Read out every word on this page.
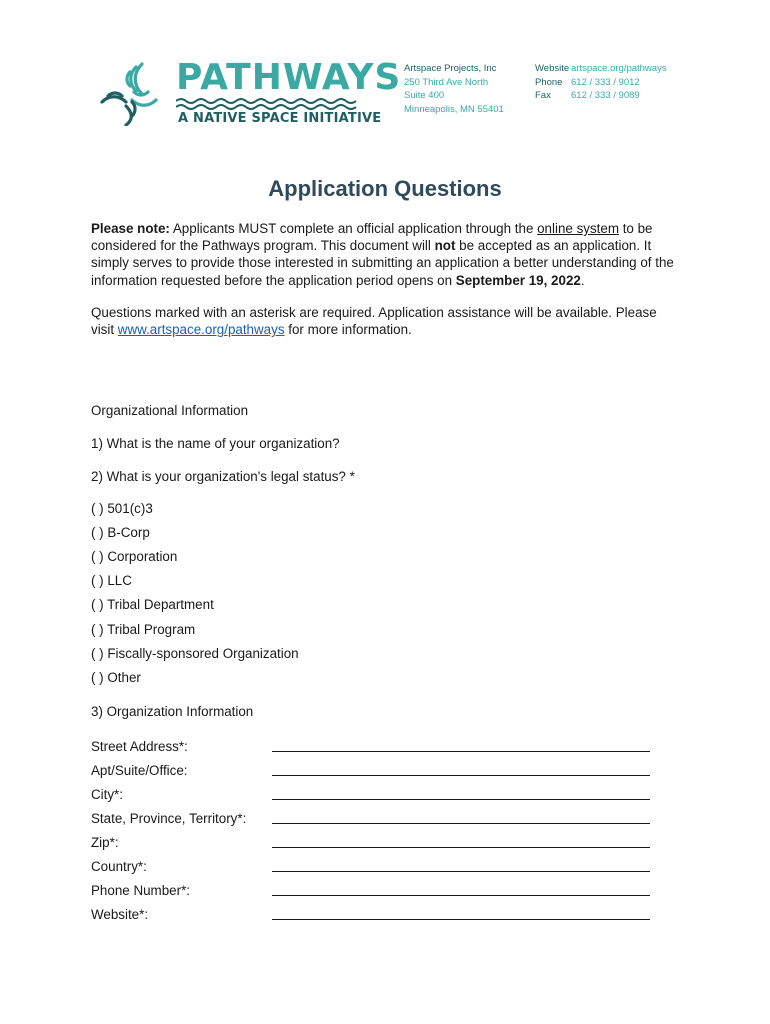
PATHWAYS
A NATIVE SPACE INITIATIVE
Artspace Projects, Inc
250 Third Ave North
Suite 400
Minneapolis, MN 55401
Website artspace.org/pathways
Phone 612 / 333 / 9012
Fax 612 / 333 / 9089
Application Questions
Please note: Applicants MUST complete an official application through the online system to be considered for the Pathways program. This document will not be accepted as an application. It simply serves to provide those interested in submitting an application a better understanding of the information requested before the application period opens on September 19, 2022.
Questions marked with an asterisk are required. Application assistance will be available. Please visit www.artspace.org/pathways for more information.
Organizational Information
1) What is the name of your organization?
2) What is your organization's legal status? *
( ) 501(c)3
( ) B-Corp
( ) Corporation
( ) LLC
( ) Tribal Department
( ) Tribal Program
( ) Fiscally-sponsored Organization
( ) Other
3) Organization Information
Street Address*:
Apt/Suite/Office:
City*:
State, Province, Territory*:
Zip*:
Country*:
Phone Number*:
Website*:
